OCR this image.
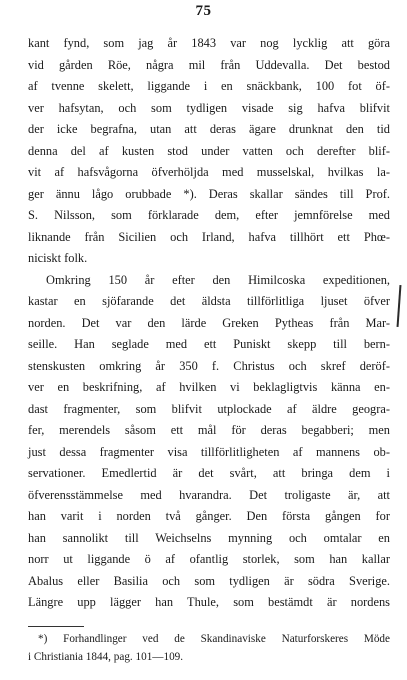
75
kant fynd, som jag år 1843 var nog lycklig att göra
vid gården Röe, några mil från Uddevalla. Det bestod
af tvenne skelett, liggande i en snäckbank, 100 fot öf-
ver hafsytan, och som tydligen visade sig hafva blifvit
der icke begrafna, utan att deras ägare drunknat den tid
denna del af kusten stod under vatten och derefter blif-
vit af hafsvågorna öfverhöljda med musselskal, hvilkas la-
ger ännu lågo orubbade *). Deras skallar sändes till Prof.
S. Nilsson, som förklarade dem, efter jemnförelse med
liknande från Sicilien och Irland, hafva tillhört ett Phœ-
niciskt folk.
Omkring 150 år efter den Himilcoska expeditionen,
kastar en sjöfarande det äldsta tillförlitliga ljuset öfver
norden. Det var den lärde Greken Pytheas från Mar-
seille. Han seglade med ett Puniskt skepp till bern-
stenskusten omkring år 350 f. Christus och skref deröf-
ver en beskrifning, af hvilken vi beklagligtvis känna en-
dast fragmenter, som blifvit utplockade af äldre geogra-
fer, merendels såsom ett mål för deras begabberi; men
just dessa fragmenter visa tillförlitligheten af mannens ob-
servationer. Emedlertid är det svårt, att bringa dem i
öfverensstämmelse med hvarandra. Det troligaste är, att
han varit i norden två gånger. Den första gången for
han sannolikt till Weichselns mynning och omtalar en
norr ut liggande ö af ofantlig storlek, som han kallar
Abalus eller Basilia och som tydligen är södra Sverige.
Längre upp lägger han Thule, som bestämdt är nordens
*) Forhandlinger ved de Skandinaviske Naturforskeres Möde
i Christiania 1844, pag. 101—109.
